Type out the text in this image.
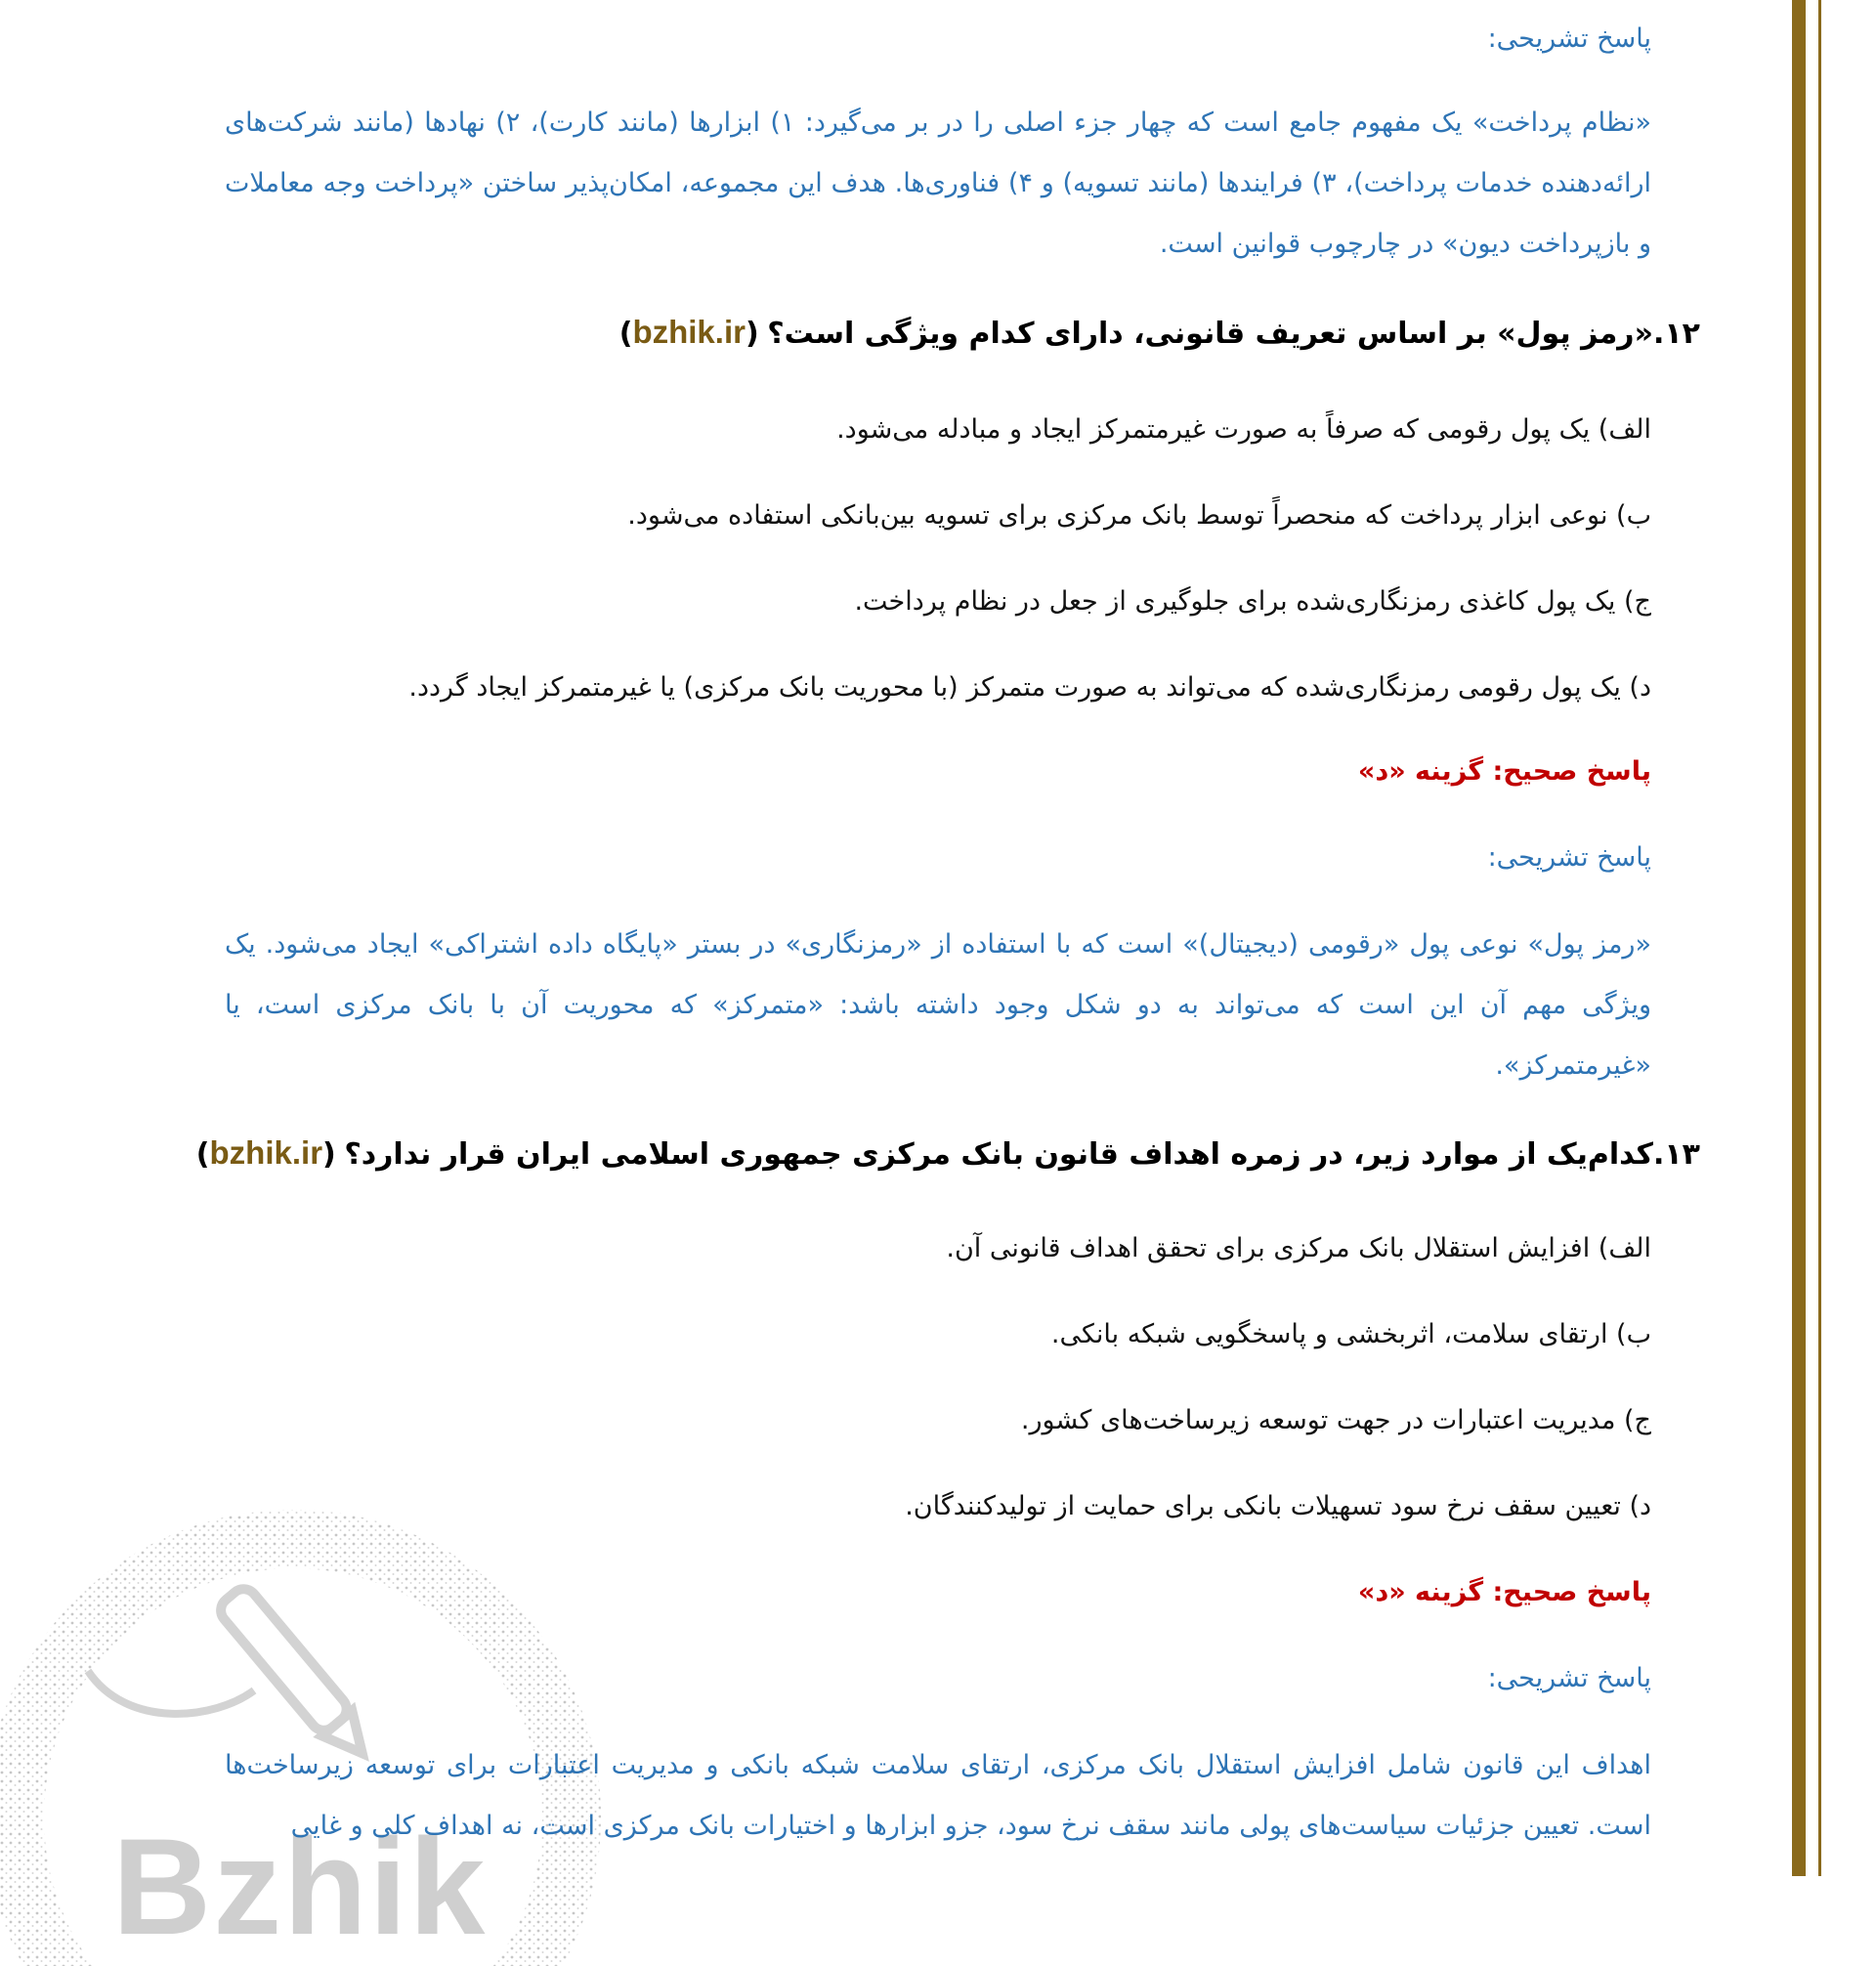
Bzhik
پاسخ تشریحی:
«نظام پرداخت» یک مفهوم جامع است که چهار جزء اصلی را در بر می‌گیرد: ۱) ابزارها (مانند کارت)، ۲) نهادها (مانند شرکت‌های ارائه‌دهنده خدمات پرداخت)، ۳) فرایندها (مانند تسویه) و ۴) فناوری‌ها. هدف این مجموعه، امکان‌پذیر ساختن «پرداخت وجه معاملات و بازپرداخت دیون» در چارچوب قوانین است.
۱۲.«رمز پول» بر اساس تعریف قانونی، دارای کدام ویژگی است؟ (bzhik.ir)
الف) یک پول رقومی که صرفاً به صورت غیرمتمرکز ایجاد و مبادله می‌شود.
ب) نوعی ابزار پرداخت که منحصراً توسط بانک مرکزی برای تسویه بین‌بانکی استفاده می‌شود.
ج) یک پول کاغذی رمزنگاری‌شده برای جلوگیری از جعل در نظام پرداخت.
د) یک پول رقومی رمزنگاری‌شده که می‌تواند به صورت متمرکز (با محوریت بانک مرکزی) یا غیرمتمرکز ایجاد گردد.
پاسخ صحیح: گزینه «د»
پاسخ تشریحی:
«رمز پول» نوعی پول «رقومی (دیجیتال)» است که با استفاده از «رمزنگاری» در بستر «پایگاه داده اشتراکی» ایجاد می‌شود. یک ویژگی مهم آن این است که می‌تواند به دو شکل وجود داشته باشد: «متمرکز» که محوریت آن با بانک مرکزی است، یا «غیرمتمرکز».
۱۳.کدام‌یک از موارد زیر، در زمره اهداف قانون بانک مرکزی جمهوری اسلامی ایران قرار ندارد؟ (bzhik.ir)
الف) افزایش استقلال بانک مرکزی برای تحقق اهداف قانونی آن.
ب) ارتقای سلامت، اثربخشی و پاسخگویی شبکه بانکی.
ج) مدیریت اعتبارات در جهت توسعه زیرساخت‌های کشور.
د) تعیین سقف نرخ سود تسهیلات بانکی برای حمایت از تولیدکنندگان.
پاسخ صحیح: گزینه «د»
پاسخ تشریحی:
اهداف این قانون شامل افزایش استقلال بانک مرکزی، ارتقای سلامت شبکه بانکی و مدیریت اعتبارات برای توسعه زیرساخت‌ها است. تعیین جزئیات سیاست‌های پولی مانند سقف نرخ سود، جزو ابزارها و اختیارات بانک مرکزی است، نه اهداف کلی و غایی
